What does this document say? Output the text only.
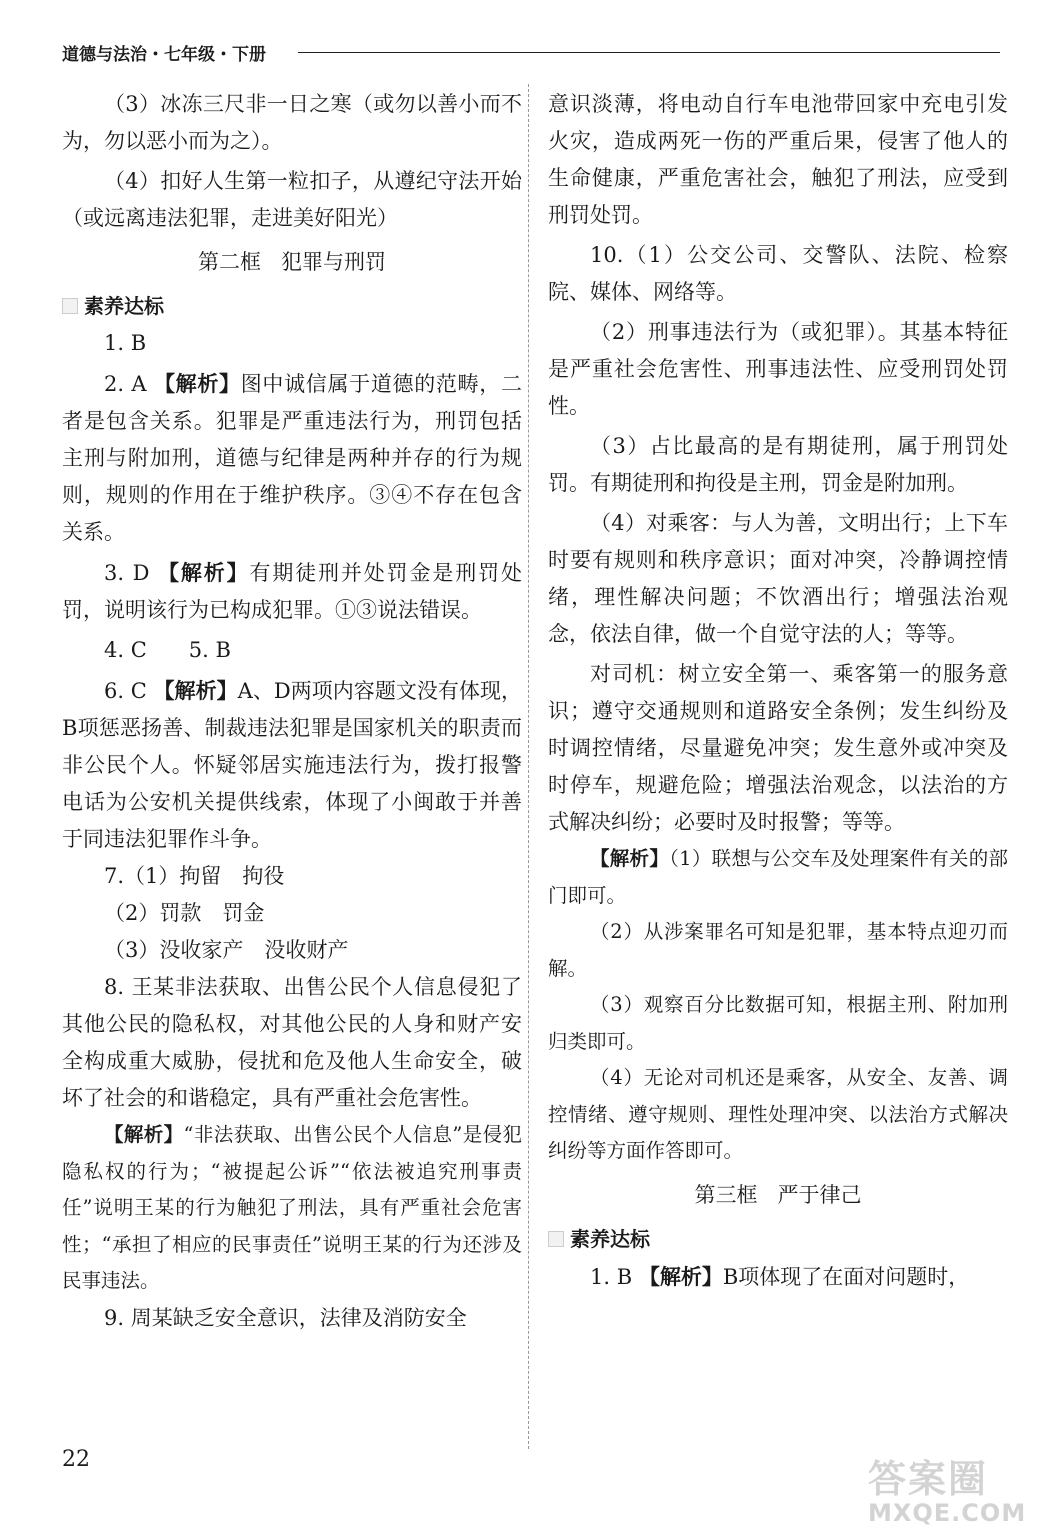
道德与法治・七年级・下册

（3）冰冻三尺非一日之寒（或勿以善小而不为，勿以恶小而为之）。

（4）扣好人生第一粒扣子，从遵纪守法开始（或远离违法犯罪，走进美好阳光）

第二框 犯罪与刑罚

素养达标

1. B

2. A 【解析】图中诚信属于道德的范畴，二者是包含关系。犯罪是严重违法行为，刑罚包括主刑与附加刑，道德与纪律是两种并存的行为规则，规则的作用在于维护秩序。③④不存在包含关系。

3. D 【解析】有期徒刑并处罚金是刑罚处罚，说明该行为已构成犯罪。①③说法错误。

4. C　　5. B

6. C 【解析】A、D两项内容题文没有体现，B项惩恶扬善、制裁违法犯罪是国家机关的职责而非公民个人。怀疑邻居实施违法行为，拨打报警电话为公安机关提供线索，体现了小闽敢于并善于同违法犯罪作斗争。

7.（1）拘留　拘役

（2）罚款　罚金

（3）没收家产　没收财产

8. 王某非法获取、出售公民个人信息侵犯了其他公民的隐私权，对其他公民的人身和财产安全构成重大威胁，侵扰和危及他人生命安全，破坏了社会的和谐稳定，具有严重社会危害性。

【解析】“非法获取、出售公民个人信息”是侵犯隐私权的行为；“被提起公诉”“依法被追究刑事责任”说明王某的行为触犯了刑法，具有严重社会危害性；“承担了相应的民事责任”说明王某的行为还涉及民事违法。

9. 周某缺乏安全意识，法律及消防安全

意识淡薄，将电动自行车电池带回家中充电引发火灾，造成两死一伤的严重后果，侵害了他人的生命健康，严重危害社会，触犯了刑法，应受到刑罚处罚。

10.（1）公交公司、交警队、法院、检察院、媒体、网络等。

（2）刑事违法行为（或犯罪）。其基本特征是严重社会危害性、刑事违法性、应受刑罚处罚性。

（3）占比最高的是有期徒刑，属于刑罚处罚。有期徒刑和拘役是主刑，罚金是附加刑。

（4）对乘客：与人为善，文明出行；上下车时要有规则和秩序意识；面对冲突，冷静调控情绪，理性解决问题；不饮酒出行；增强法治观念，依法自律，做一个自觉守法的人；等等。

对司机：树立安全第一、乘客第一的服务意识；遵守交通规则和道路安全条例；发生纠纷及时调控情绪，尽量避免冲突；发生意外或冲突及时停车，规避危险；增强法治观念，以法治的方式解决纠纷；必要时及时报警；等等。

【解析】（1）联想与公交车及处理案件有关的部门即可。

（2）从涉案罪名可知是犯罪，基本特点迎刃而解。

（3）观察百分比数据可知，根据主刑、附加刑归类即可。

（4）无论对司机还是乘客，从安全、友善、调控情绪、遵守规则、理性处理冲突、以法治方式解决纠纷等方面作答即可。

第三框 严于律己

素养达标

1. B 【解析】B项体现了在面对问题时，

22	答案圈
MXQE.COM
